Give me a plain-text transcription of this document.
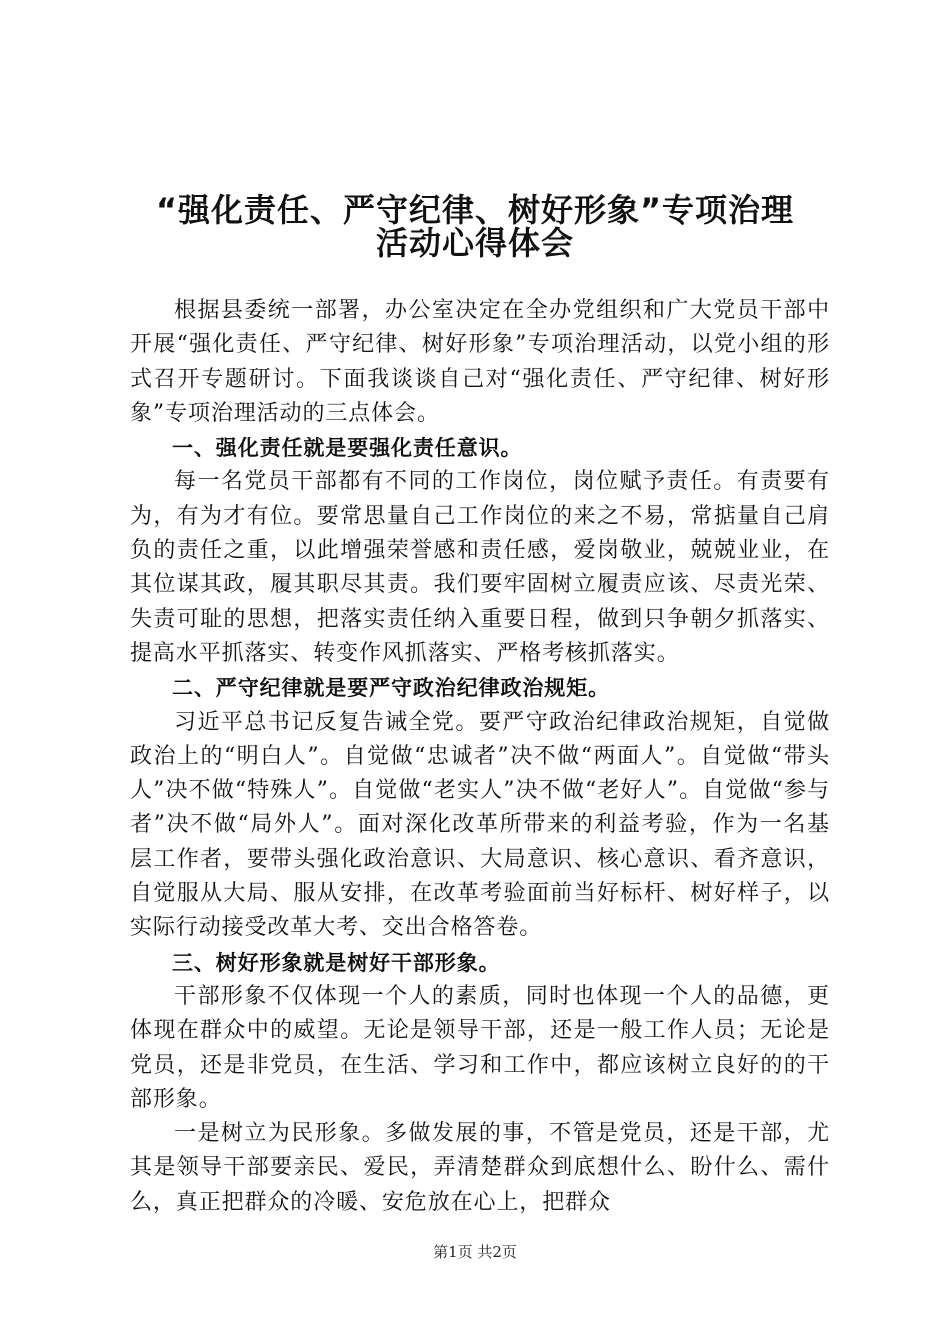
“强化责任、严守纪律、树好形象”专项治理
活动心得体会

根据县委统一部署，办公室决定在全办党组织和广大党员干部中开展“强化责任、严守纪律、树好形象”专项治理活动，以党小组的形式召开专题研讨。下面我谈谈自己对“强化责任、严守纪律、树好形象”专项治理活动的三点体会。

一、强化责任就是要强化责任意识。

每一名党员干部都有不同的工作岗位，岗位赋予责任。有责要有为，有为才有位。要常思量自己工作岗位的来之不易，常掂量自己肩负的责任之重，以此增强荣誉感和责任感，爱岗敬业，兢兢业业，在其位谋其政，履其职尽其责。我们要牢固树立履责应该、尽责光荣、失责可耻的思想，把落实责任纳入重要日程，做到只争朝夕抓落实、提高水平抓落实、转变作风抓落实、严格考核抓落实。

二、严守纪律就是要严守政治纪律政治规矩。

习近平总书记反复告诫全党。要严守政治纪律政治规矩，自觉做政治上的“明白人”。自觉做“忠诚者”决不做“两面人”。自觉做“带头人”决不做“特殊人”。自觉做“老实人”决不做“老好人”。自觉做“参与者”决不做“局外人”。面对深化改革所带来的利益考验，作为一名基层工作者，要带头强化政治意识、大局意识、核心意识、看齐意识，自觉服从大局、服从安排，在改革考验面前当好标杆、树好样子，以实际行动接受改革大考、交出合格答卷。

三、树好形象就是树好干部形象。

干部形象不仅体现一个人的素质，同时也体现一个人的品德，更体现在群众中的威望。无论是领导干部，还是一般工作人员；无论是党员，还是非党员，在生活、学习和工作中，都应该树立良好的的干部形象。

一是树立为民形象。多做发展的事，不管是党员，还是干部，尤其是领导干部要亲民、爱民，弄清楚群众到底想什么、盼什么、需什么，真正把群众的冷暖、安危放在心上，把群众

第1页 共2页
